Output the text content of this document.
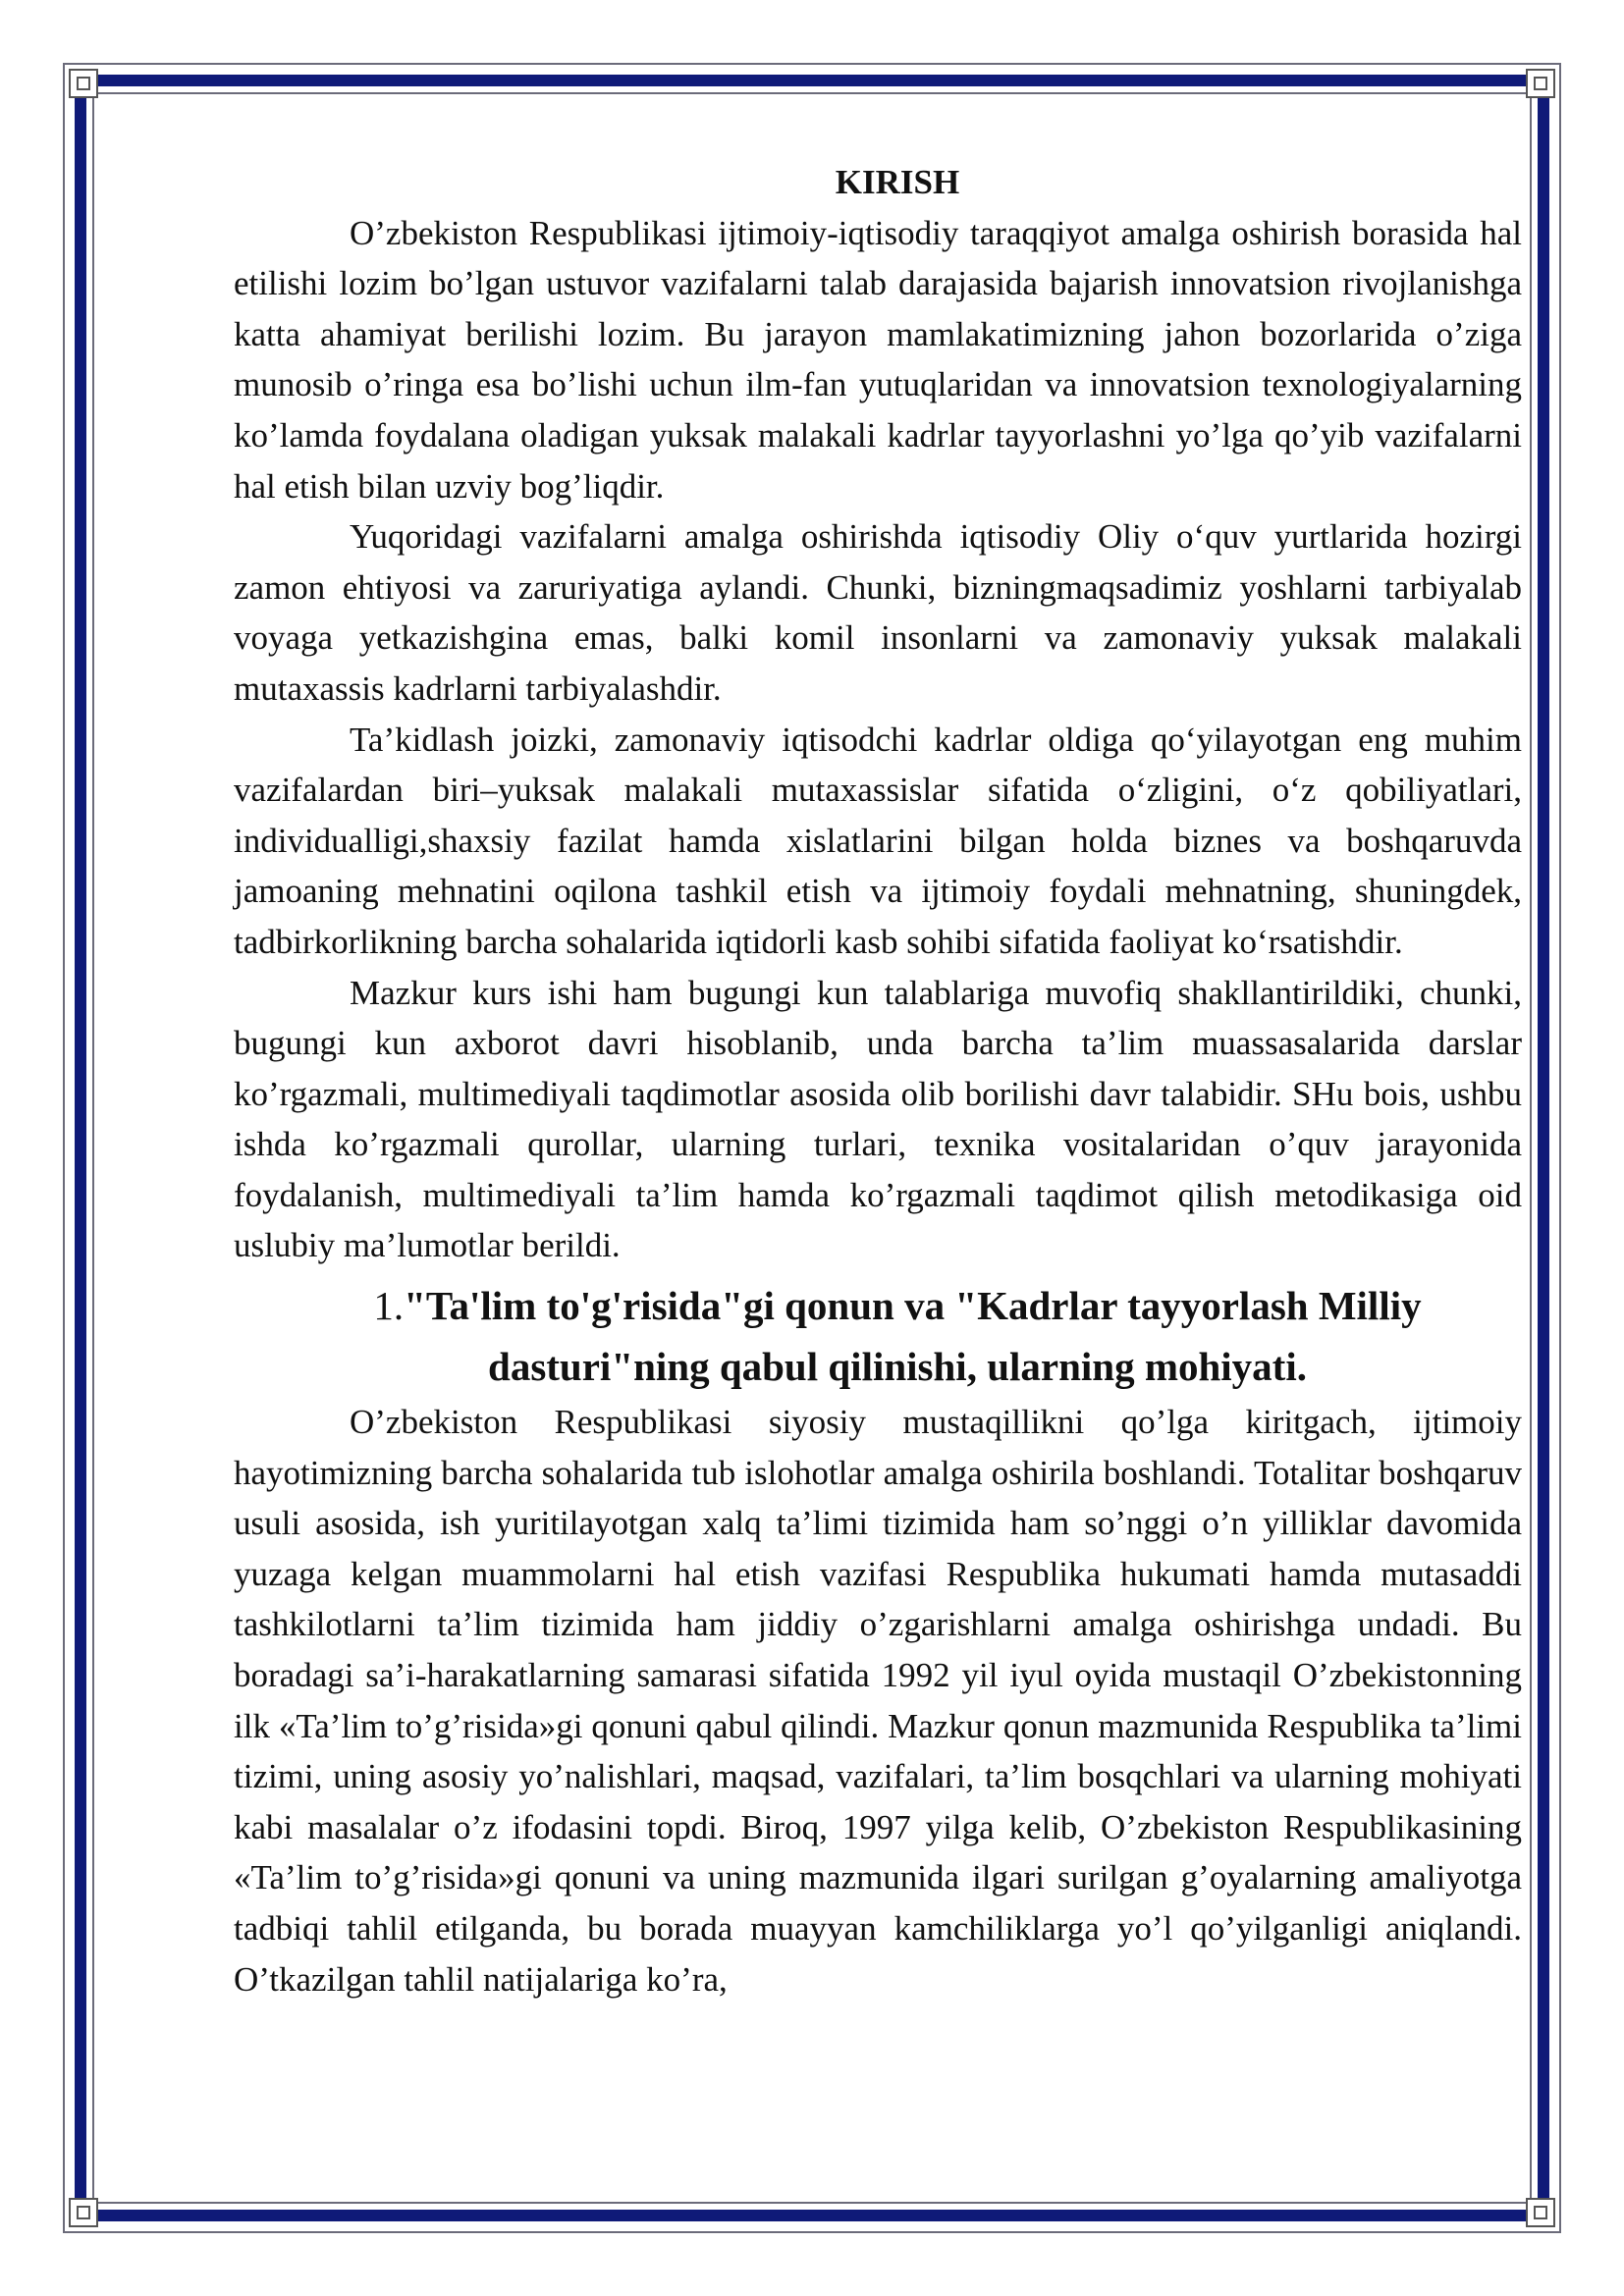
KIRISH

O’zbekiston Respublikasi ijtimoiy-iqtisodiy taraqqiyot amalga oshirish borasida hal etilishi lozim bo’lgan ustuvor vazifalarni talab darajasida bajarish innovatsion rivojlanishga katta ahamiyat berilishi lozim. Bu jarayon mamlakatimizning jahon bozorlarida o’ziga munosib o’ringa esa bo’lishi uchun ilm-fan yutuqlaridan va innovatsion texnologiyalarning ko’lamda foydalana oladigan yuksak malakali kadrlar tayyorlashni yo’lga qo’yib vazifalarni hal etish bilan uzviy bog’liqdir.

Yuqoridagi vazifalarni amalga oshirishda iqtisodiy Oliy o‘quv yurtlarida hozirgi zamon ehtiyosi va zaruriyatiga aylandi. Chunki, bizningmaqsadimiz yoshlarni tarbiyalab voyaga yetkazishgina emas, balki komil insonlarni va zamonaviy yuksak malakali mutaxassis kadrlarni tarbiyalashdir.

Ta’kidlash joizki, zamonaviy iqtisodchi kadrlar oldiga qo‘yilayotgan eng muhim vazifalardan biri–yuksak malakali mutaxassislar sifatida o‘zligini, o‘z qobiliyatlari, individualligi,shaxsiy fazilat hamda xislatlarini bilgan holda biznes va boshqaruvda jamoaning mehnatini oqilona tashkil etish va ijtimoiy foydali mehnatning, shuningdek, tadbirkorlikning barcha sohalarida iqtidorli kasb sohibi sifatida faoliyat ko‘rsatishdir.

Mazkur kurs ishi ham bugungi kun talablariga muvofiq shakllantirildiki, chunki, bugungi kun axborot davri hisoblanib, unda barcha ta’lim muassasalarida darslar ko’rgazmali, multimediyali taqdimotlar asosida olib borilishi davr talabidir. SHu bois, ushbu ishda ko’rgazmali qurollar, ularning turlari, texnika vositalaridan o’quv jarayonida foydalanish, multimediyali ta’lim hamda ko’rgazmali taqdimot qilish metodikasiga oid uslubiy ma’lumotlar berildi.

1."Ta'lim to'g'risida"gi qonun va "Kadrlar tayyorlash Milliy dasturi"ning qabul qilinishi, ularning mohiyati.

O’zbekiston Respublikasi siyosiy mustaqillikni qo’lga kiritgach, ijtimoiy hayotimizning barcha sohalarida tub islohotlar amalga oshirila boshlandi. Totalitar boshqaruv usuli asosida, ish yuritilayotgan xalq ta’limi tizimida ham so’nggi o’n yilliklar davomida yuzaga kelgan muammolarni hal etish vazifasi Respublika hukumati hamda mutasaddi tashkilotlarni ta’lim tizimida ham jiddiy o’zgarishlarni amalga oshirishga undadi. Bu boradagi sa’i-harakatlarning samarasi sifatida 1992 yil iyul oyida mustaqil O’zbekistonning ilk «Ta’lim to’g’risida»gi qonuni qabul qilindi. Mazkur qonun mazmunida Respublika ta’limi tizimi, uning asosiy yo’nalishlari, maqsad, vazifalari, ta’lim bosqchlari va ularning mohiyati kabi masalalar o’z ifodasini topdi. Biroq, 1997 yilga kelib, O’zbekiston Respublikasining «Ta’lim to’g’risida»gi qonuni va uning mazmunida ilgari surilgan g’oyalarning amaliyotga tadbiqi tahlil etilganda, bu borada muayyan kamchiliklarga yo’l qo’yilganligi aniqlandi. O’tkazilgan tahlil natijalariga ko’ra,
